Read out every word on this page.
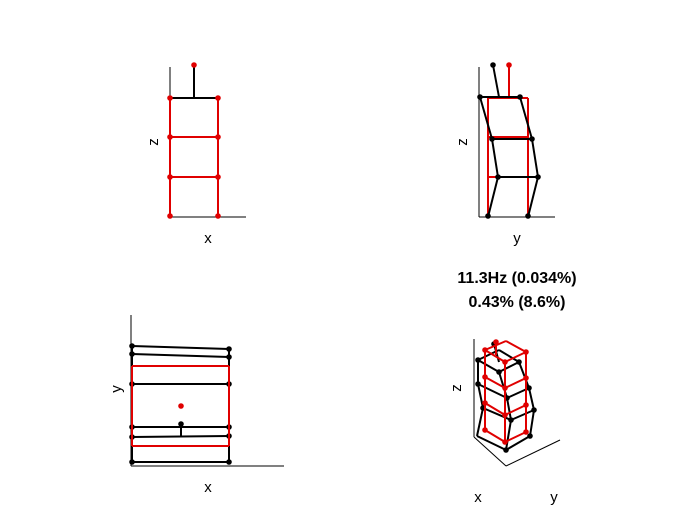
x
z
y
z
x
y
11.3Hz (0.034%)
0.43% (8.6%)
x	y
z
